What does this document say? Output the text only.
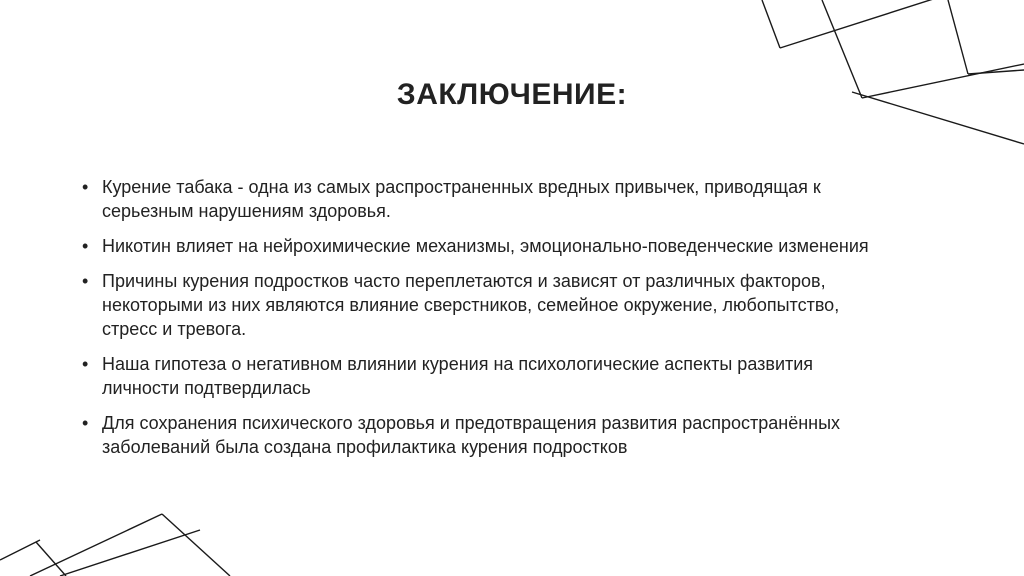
ЗАКЛЮЧЕНИЕ:
• Курение табака - одна из самых распространенных вредных привычек, приводящая к серьезным нарушениям здоровья.
• Никотин влияет на нейрохимические механизмы, эмоционально-поведенческие изменения
• Причины курения подростков часто переплетаются и зависят от различных факторов, некоторыми из них являются влияние сверстников, семейное окружение, любопытство, стресс и тревога.
• Наша гипотеза о негативном влиянии курения на психологические аспекты развития личности подтвердилась
• Для сохранения психического здоровья и предотвращения развития распространённых заболеваний была создана профилактика курения подростков
